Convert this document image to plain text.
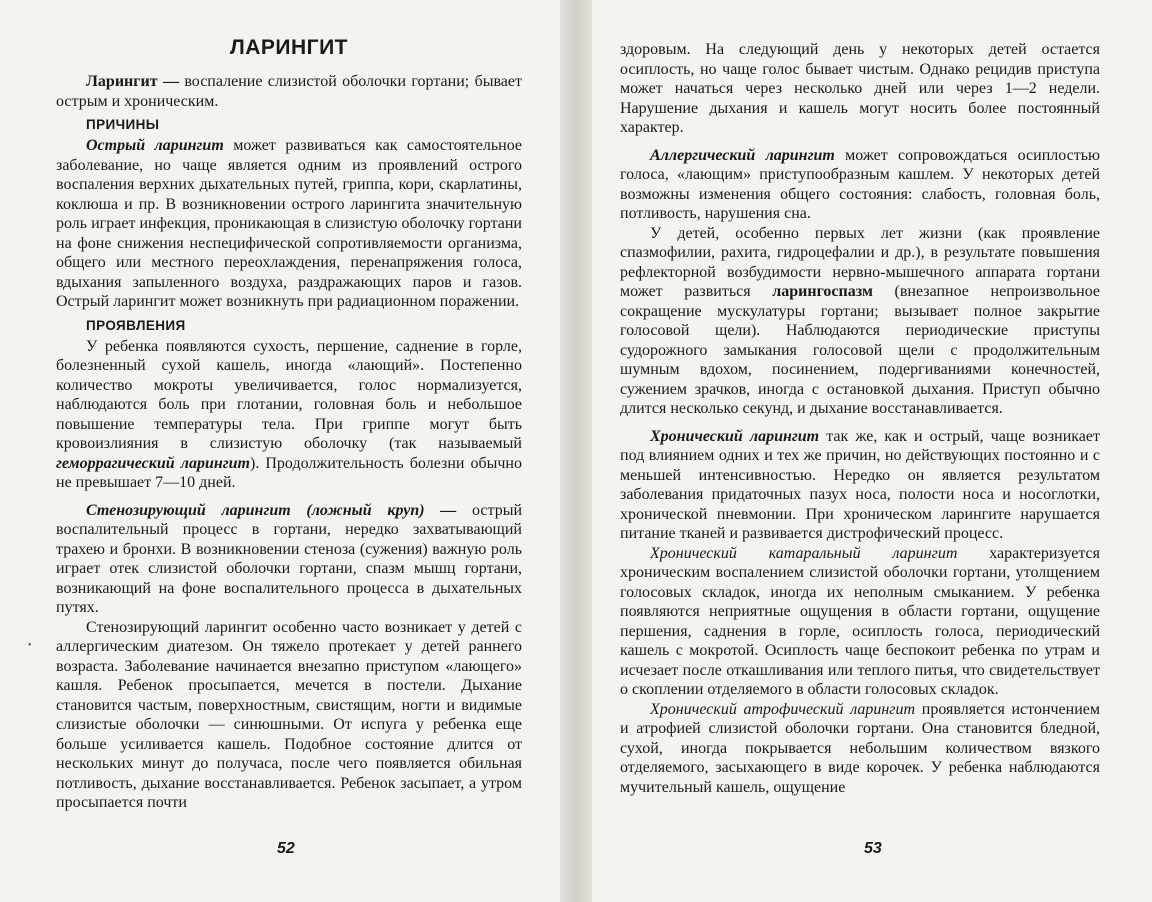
•
ЛАРИНГИТ

Ларингит — воспаление слизистой оболочки гортани; бывает острым и хроническим.

ПРИЧИНЫ

Острый ларингит может развиваться как самостоятельное заболевание, но чаще является одним из проявлений острого воспаления верхних дыхательных путей, гриппа, кори, скарлатины, коклюша и пр. В возникновении острого ларингита значительную роль играет инфекция, проникающая в слизистую оболочку гортани на фоне снижения неспецифической сопротивляемости организма, общего или местного переохлаждения, перенапряжения голоса, вдыхания запыленного воздуха, раздражающих паров и газов. Острый ларингит может возникнуть при радиационном поражении.

ПРОЯВЛЕНИЯ

У ребенка появляются сухость, першение, саднение в горле, болезненный сухой кашель, иногда «лающий». Постепенно количество мокроты увеличивается, голос нормализуется, наблюдаются боль при глотании, головная боль и небольшое повышение температуры тела. При гриппе могут быть кровоизлияния в слизистую оболочку (так называемый геморрагический ларингит). Продолжительность болезни обычно не превышает 7—10 дней.

Стенозирующий ларингит (ложный круп) — острый воспалительный процесс в гортани, нередко захватывающий трахею и бронхи. В возникновении стеноза (сужения) важную роль играет отек слизистой оболочки гортани, спазм мышц гортани, возникающий на фоне воспалительного процесса в дыхательных путях.

Стенозирующий ларингит особенно часто возникает у детей с аллергическим диатезом. Он тяжело протекает у детей раннего возраста. Заболевание начинается внезапно приступом «лающего» кашля. Ребенок просыпается, мечется в постели. Дыхание становится частым, поверхностным, свистящим, ногти и видимые слизистые оболочки — синюшными. От испуга у ребенка еще больше усиливается кашель. Подобное состояние длится от нескольких минут до получаса, после чего появляется обильная потливость, дыхание восстанавливается. Ребенок засыпает, а утром просыпается почти

52

здоровым. На следующий день у некоторых детей остается осиплость, но чаще голос бывает чистым. Однако рецидив приступа может начаться через несколько дней или через 1—2 недели. Нарушение дыхания и кашель могут носить более постоянный характер.

Аллергический ларингит может сопровождаться осиплостью голоса, «лающим» приступообразным кашлем. У некоторых детей возможны изменения общего состояния: слабость, головная боль, потливость, нарушения сна.

У детей, особенно первых лет жизни (как проявление спазмофилии, рахита, гидроцефалии и др.), в результате повышения рефлекторной возбудимости нервно-мышечного аппарата гортани может развиться ларингоспазм (внезапное непроизвольное сокращение мускулатуры гортани; вызывает полное закрытие голосовой щели). Наблюдаются периодические приступы судорожного замыкания голосовой щели с продолжительным шумным вдохом, посинением, подергиваниями конечностей, сужением зрачков, иногда с остановкой дыхания. Приступ обычно длится несколько секунд, и дыхание восстанавливается.

Хронический ларингит так же, как и острый, чаще возникает под влиянием одних и тех же причин, но действующих постоянно и с меньшей интенсивностью. Нередко он является результатом заболевания придаточных пазух носа, полости носа и носоглотки, хронической пневмонии. При хроническом ларингите нарушается питание тканей и развивается дистрофический процесс.

Хронический катаральный ларингит характеризуется хроническим воспалением слизистой оболочки гортани, утолщением голосовых складок, иногда их неполным смыканием. У ребенка появляются неприятные ощущения в области гортани, ощущение першения, саднения в горле, осиплость голоса, периодический кашель с мокротой. Осиплость чаще беспокоит ребенка по утрам и исчезает после откашливания или теплого питья, что свидетельствует о скоплении отделяемого в области голосовых складок.

Хронический атрофический ларингит проявляется истончением и атрофией слизистой оболочки гортани. Она становится бледной, сухой, иногда покрывается небольшим количеством вязкого отделяемого, засыхающего в виде корочек. У ребенка наблюдаются мучительный кашель, ощущение

53
